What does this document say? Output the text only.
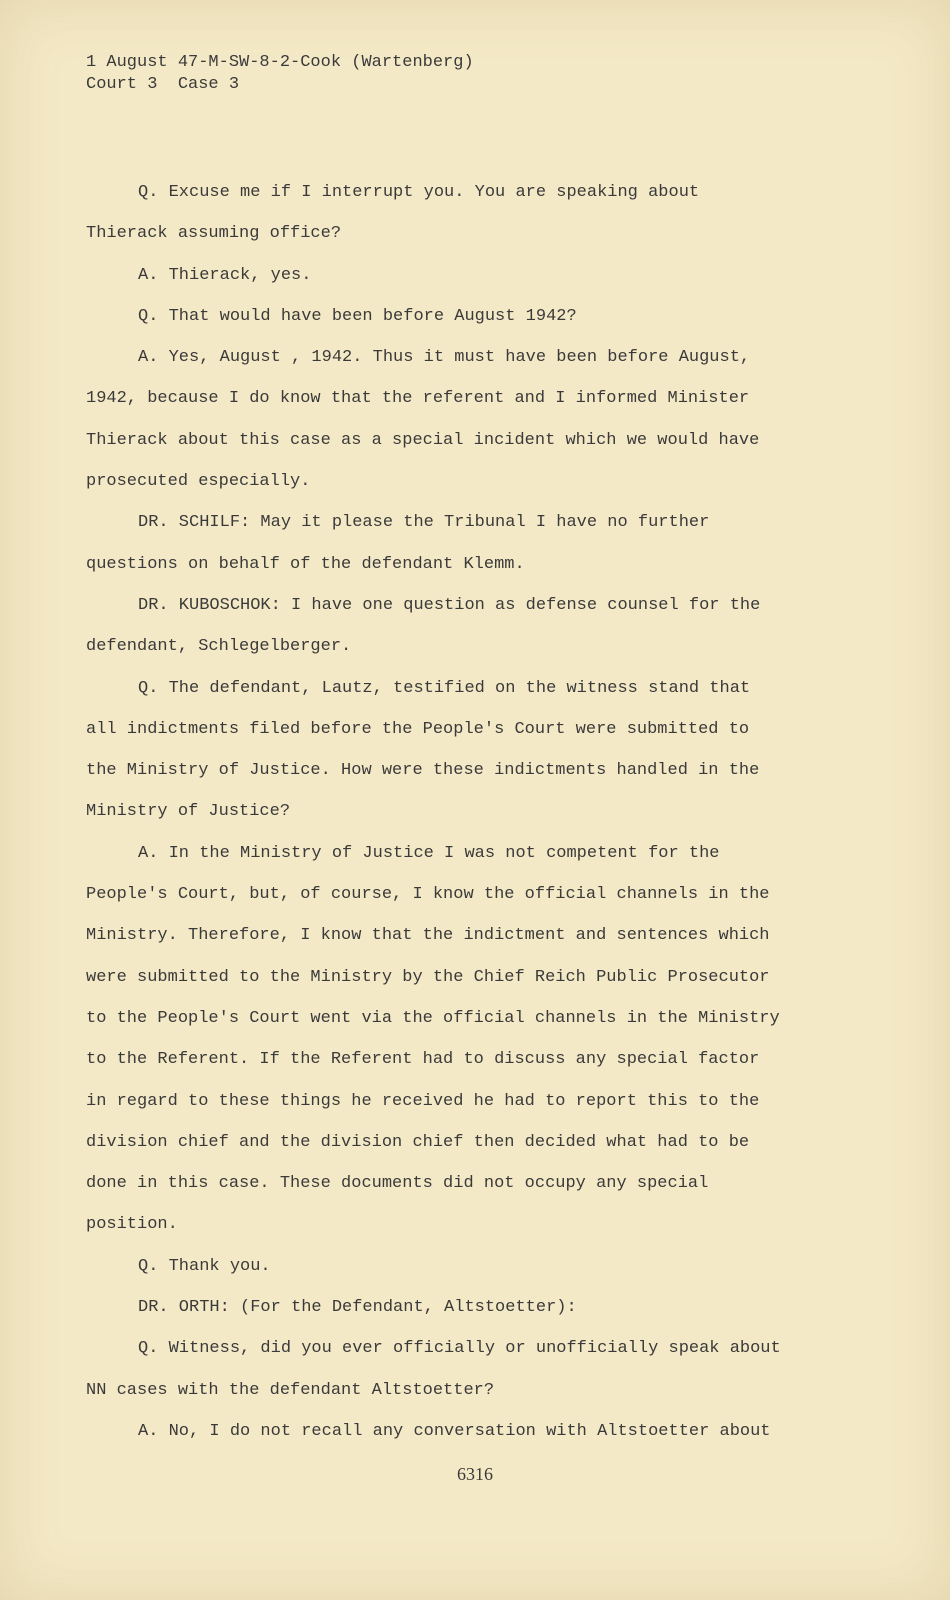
1 August 47-M-SW-8-2-Cook (Wartenberg)
Court 3  Case 3

Q. Excuse me if I interrupt you. You are speaking about Thierack assuming office?

A. Thierack, yes.

Q. That would have been before August 1942?

A. Yes, August , 1942. Thus it must have been before August, 1942, because I do know that the referent and I informed Minister Thierack about this case as a special incident which we would have prosecuted especially.

DR. SCHILF: May it please the Tribunal I have no further questions on behalf of the defendant Klemm.

DR. KUBOSCHOK: I have one question as defense counsel for the defendant, Schlegelberger.

Q. The defendant, Lautz, testified on the witness stand that all indictments filed before the People's Court were submitted to the Ministry of Justice. How were these indictments handled in the Ministry of Justice?

A. In the Ministry of Justice I was not competent for the People's Court, but, of course, I know the official channels in the Ministry. Therefore, I know that the indictment and sentences which were submitted to the Ministry by the Chief Reich Public Prosecutor to the People's Court went via the official channels in the Ministry to the Referent. If the Referent had to discuss any special factor in regard to these things he received he had to report this to the division chief and the division chief then decided what had to be done in this case. These documents did not occupy any special position.

Q. Thank you.

DR. ORTH: (For the Defendant, Altstoetter):

Q. Witness, did you ever officially or unofficially speak about NN cases with the defendant Altstoetter?

A. No, I do not recall any conversation with Altstoetter about

6316
